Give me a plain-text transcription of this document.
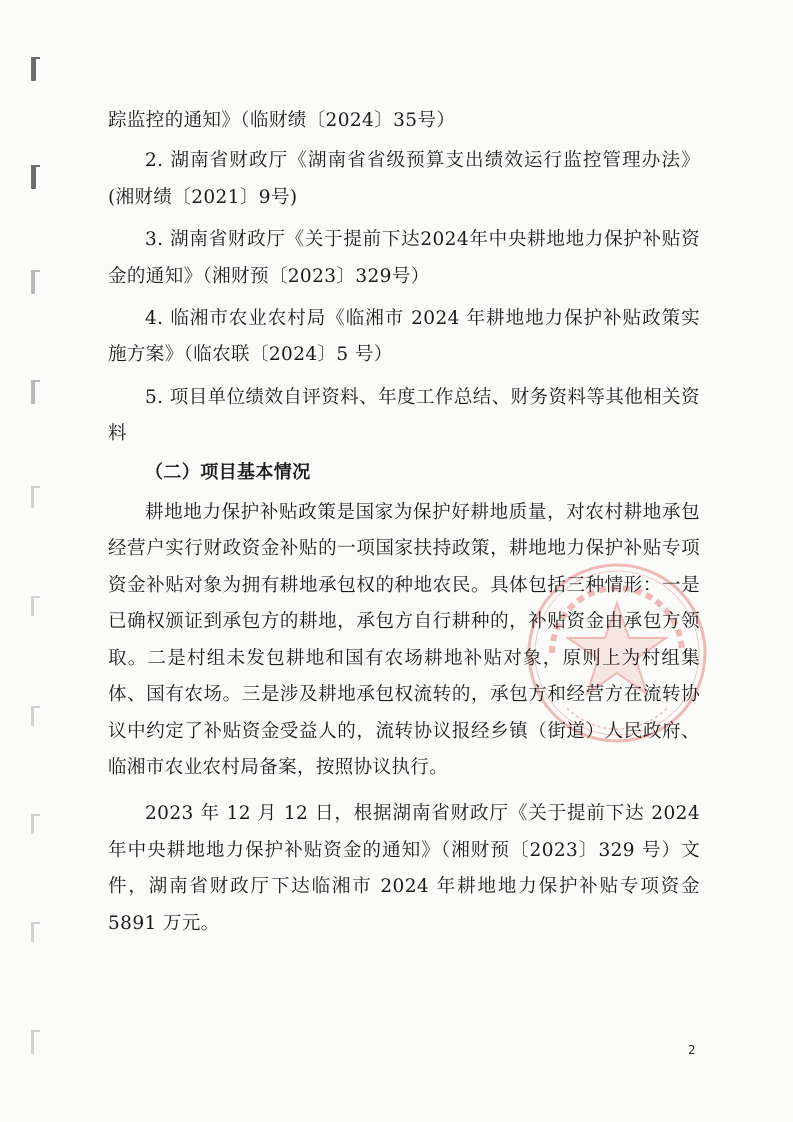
踪监控的通知》（临财绩〔2024〕35号）

2. 湖南省财政厅《湖南省省级预算支出绩效运行监控管理办法》(湘财绩〔2021〕9号)

3. 湖南省财政厅《关于提前下达2024年中央耕地地力保护补贴资金的通知》（湘财预〔2023〕329号）

4. 临湘市农业农村局《临湘市 2024 年耕地地力保护补贴政策实施方案》（临农联〔2024〕5 号）

5. 项目单位绩效自评资料、年度工作总结、财务资料等其他相关资料

（二）项目基本情况

耕地地力保护补贴政策是国家为保护好耕地质量，对农村耕地承包经营户实行财政资金补贴的一项国家扶持政策，耕地地力保护补贴专项资金补贴对象为拥有耕地承包权的种地农民。具体包括三种情形：一是已确权颁证到承包方的耕地，承包方自行耕种的，补贴资金由承包方领取。二是村组未发包耕地和国有农场耕地补贴对象，原则上为村组集体、国有农场。三是涉及耕地承包权流转的，承包方和经营方在流转协议中约定了补贴资金受益人的，流转协议报经乡镇（街道）人民政府、临湘市农业农村局备案，按照协议执行。

2023 年 12 月 12 日，根据湖南省财政厅《关于提前下达 2024 年中央耕地地力保护补贴资金的通知》（湘财预〔2023〕329 号）文件，湖南省财政厅下达临湘市 2024 年耕地地力保护补贴专项资金 5891 万元。

2
